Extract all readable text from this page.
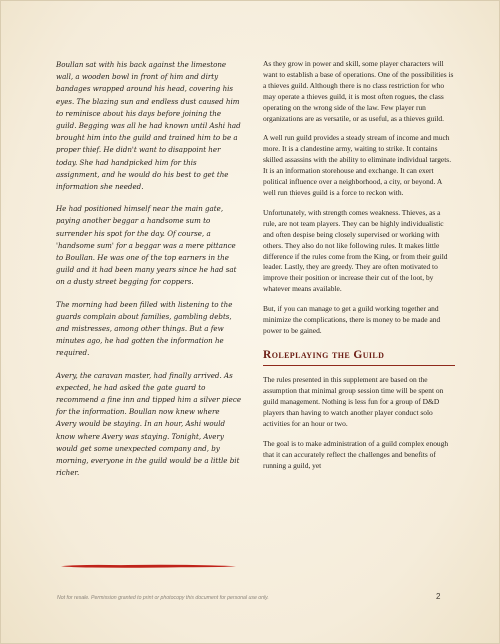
Boullan sat with his back against the limestone wall, a wooden bowl in front of him and dirty bandages wrapped around his head, covering his eyes. The blazing sun and endless dust caused him to reminisce about his days before joining the guild. Begging was all he had known until Ashi had brought him into the guild and trained him to be a proper thief. He didn't want to disappoint her today. She had handpicked him for this assignment, and he would do his best to get the information she needed.

He had positioned himself near the main gate, paying another beggar a handsome sum to surrender his spot for the day. Of course, a 'handsome sum' for a beggar was a mere pittance to Boullan. He was one of the top earners in the guild and it had been many years since he had sat on a dusty street begging for coppers.

The morning had been filled with listening to the guards complain about families, gambling debts, and mistresses, among other things. But a few minutes ago, he had gotten the information he required.

Avery, the caravan master, had finally arrived. As expected, he had asked the gate guard to recommend a fine inn and tipped him a silver piece for the information. Boullan now knew where Avery would be staying. In an hour, Ashi would know where Avery was staying. Tonight, Avery would get some unexpected company and, by morning, everyone in the guild would be a little bit richer.

As they grow in power and skill, some player characters will want to establish a base of operations. One of the possibilities is a thieves guild. Although there is no class restriction for who may operate a thieves guild, it is most often rogues, the class operating on the wrong side of the law. Few player run organizations are as versatile, or as useful, as a thieves guild.

A well run guild provides a steady stream of income and much more. It is a clandestine army, waiting to strike. It contains skilled assassins with the ability to eliminate individual targets. It is an information storehouse and exchange. It can exert political influence over a neighborhood, a city, or beyond. A well run thieves guild is a force to reckon with.

Unfortunately, with strength comes weakness. Thieves, as a rule, are not team players. They can be highly individualistic and often despise being closely supervised or working with others. They also do not like following rules. It makes little difference if the rules come from the King, or from their guild leader. Lastly, they are greedy. They are often motivated to improve their position or increase their cut of the loot, by whatever means available.

But, if you can manage to get a guild working together and minimize the complications, there is money to be made and power to be gained.

Roleplaying the Guild

The rules presented in this supplement are based on the assumption that minimal group session time will be spent on guild management. Nothing is less fun for a group of D&D players than having to watch another player conduct solo activities for an hour or two.

The goal is to make administration of a guild complex enough that it can accurately reflect the challenges and benefits of running a guild, yet

Not for resale. Permission granted to print or photocopy this document for personal use only.	2
